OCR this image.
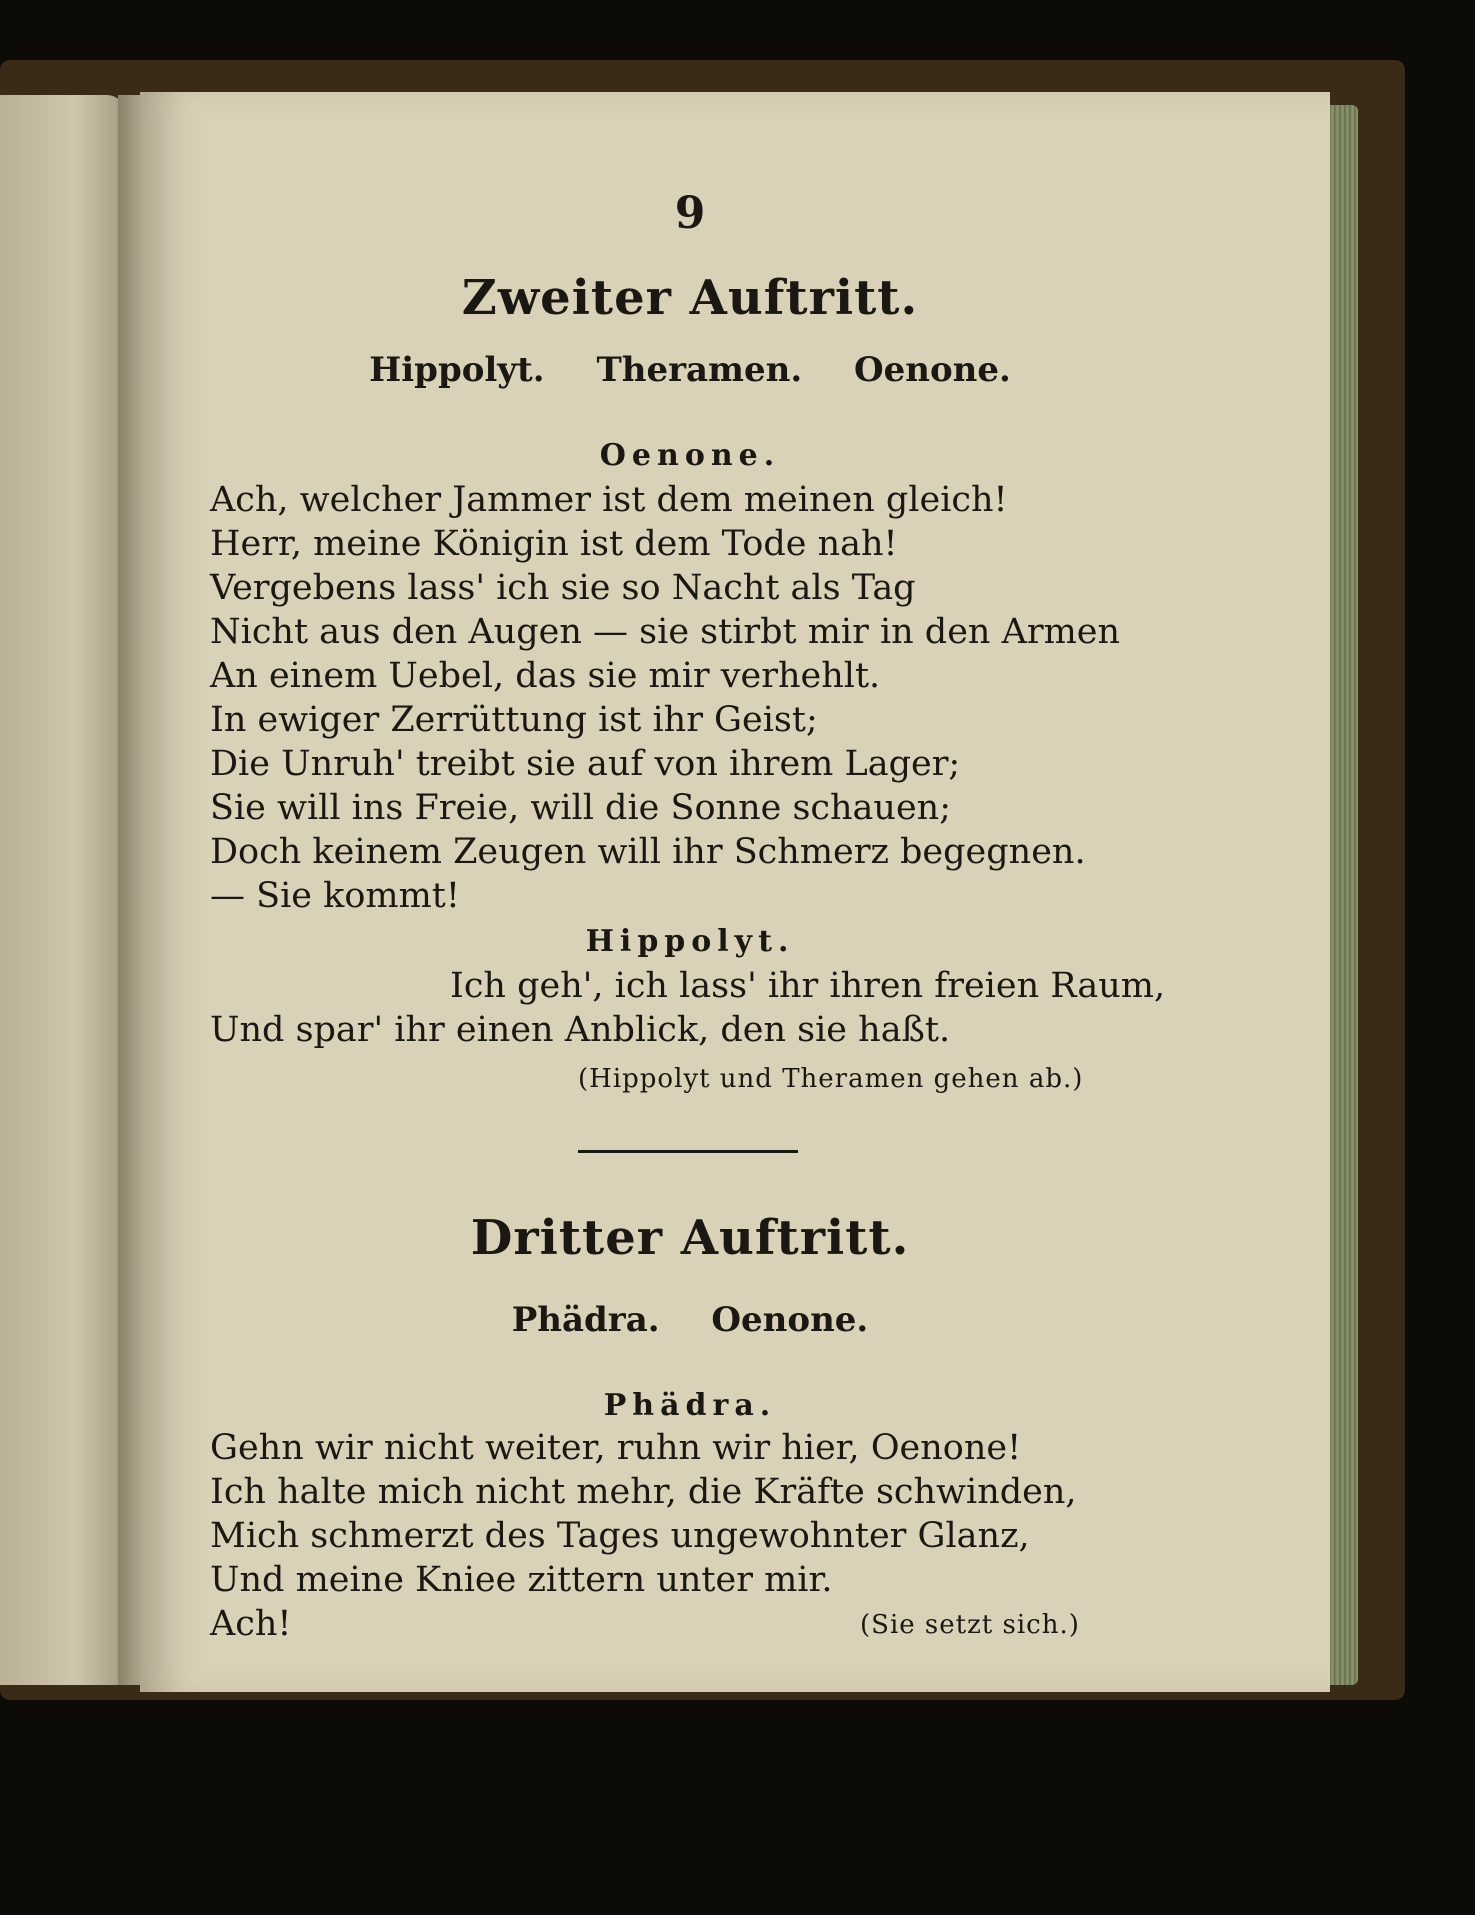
9
Zweiter Auftritt.
Hippolyt. Theramen. Oenone.
Oenone.
Ach, welcher Jammer ist dem meinen gleich!
Herr, meine Königin ist dem Tode nah!
Vergebens lass' ich sie so Nacht als Tag
Nicht aus den Augen — sie stirbt mir in den Armen
An einem Uebel, das sie mir verhehlt.
In ewiger Zerrüttung ist ihr Geist;
Die Unruh' treibt sie auf von ihrem Lager;
Sie will ins Freie, will die Sonne schauen;
Doch keinem Zeugen will ihr Schmerz begegnen.
— Sie kommt!
Hippolyt.
Ich geh', ich lass' ihr ihren freien Raum,
Und spar' ihr einen Anblick, den sie haßt.
(Hippolyt und Theramen gehen ab.)
Dritter Auftritt.
Phädra. Oenone.
Phädra.
Gehn wir nicht weiter, ruhn wir hier, Oenone!
Ich halte mich nicht mehr, die Kräfte schwinden,
Mich schmerzt des Tages ungewohnter Glanz,
Und meine Kniee zittern unter mir.
Ach!	(Sie setzt sich.)
